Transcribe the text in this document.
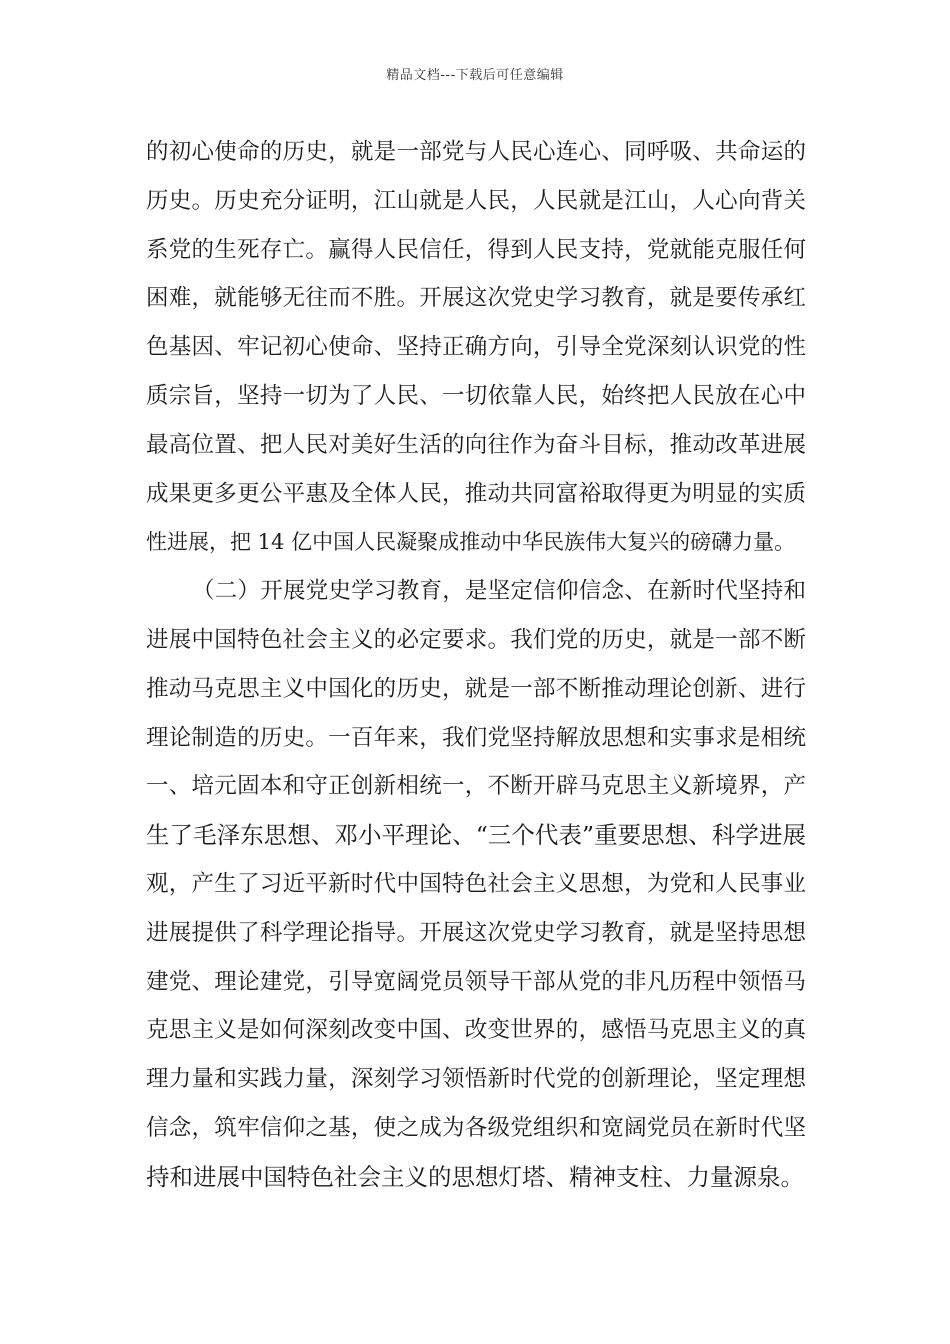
精品文档---下载后可任意编辑
的初心使命的历史，就是一部党与人民心连心、同呼吸、共命运的
历史。历史充分证明，江山就是人民，人民就是江山，人心向背关
系党的生死存亡。赢得人民信任，得到人民支持，党就能克服任何
困难，就能够无往而不胜。开展这次党史学习教育，就是要传承红
色基因、牢记初心使命、坚持正确方向，引导全党深刻认识党的性
质宗旨，坚持一切为了人民、一切依靠人民，始终把人民放在心中
最高位置、把人民对美好生活的向往作为奋斗目标，推动改革进展
成果更多更公平惠及全体人民，推动共同富裕取得更为明显的实质
性进展，把 14 亿中国人民凝聚成推动中华民族伟大复兴的磅礴力量。
（二）开展党史学习教育，是坚定信仰信念、在新时代坚持和
进展中国特色社会主义的必定要求。我们党的历史，就是一部不断
推动马克思主义中国化的历史，就是一部不断推动理论创新、进行
理论制造的历史。一百年来，我们党坚持解放思想和实事求是相统
一、培元固本和守正创新相统一，不断开辟马克思主义新境界，产
生了毛泽东思想、邓小平理论、“三个代表”重要思想、科学进展
观，产生了习近平新时代中国特色社会主义思想，为党和人民事业
进展提供了科学理论指导。开展这次党史学习教育，就是坚持思想
建党、理论建党，引导宽阔党员领导干部从党的非凡历程中领悟马
克思主义是如何深刻改变中国、改变世界的，感悟马克思主义的真
理力量和实践力量，深刻学习领悟新时代党的创新理论，坚定理想
信念，筑牢信仰之基，使之成为各级党组织和宽阔党员在新时代坚
持和进展中国特色社会主义的思想灯塔、精神支柱、力量源泉。
